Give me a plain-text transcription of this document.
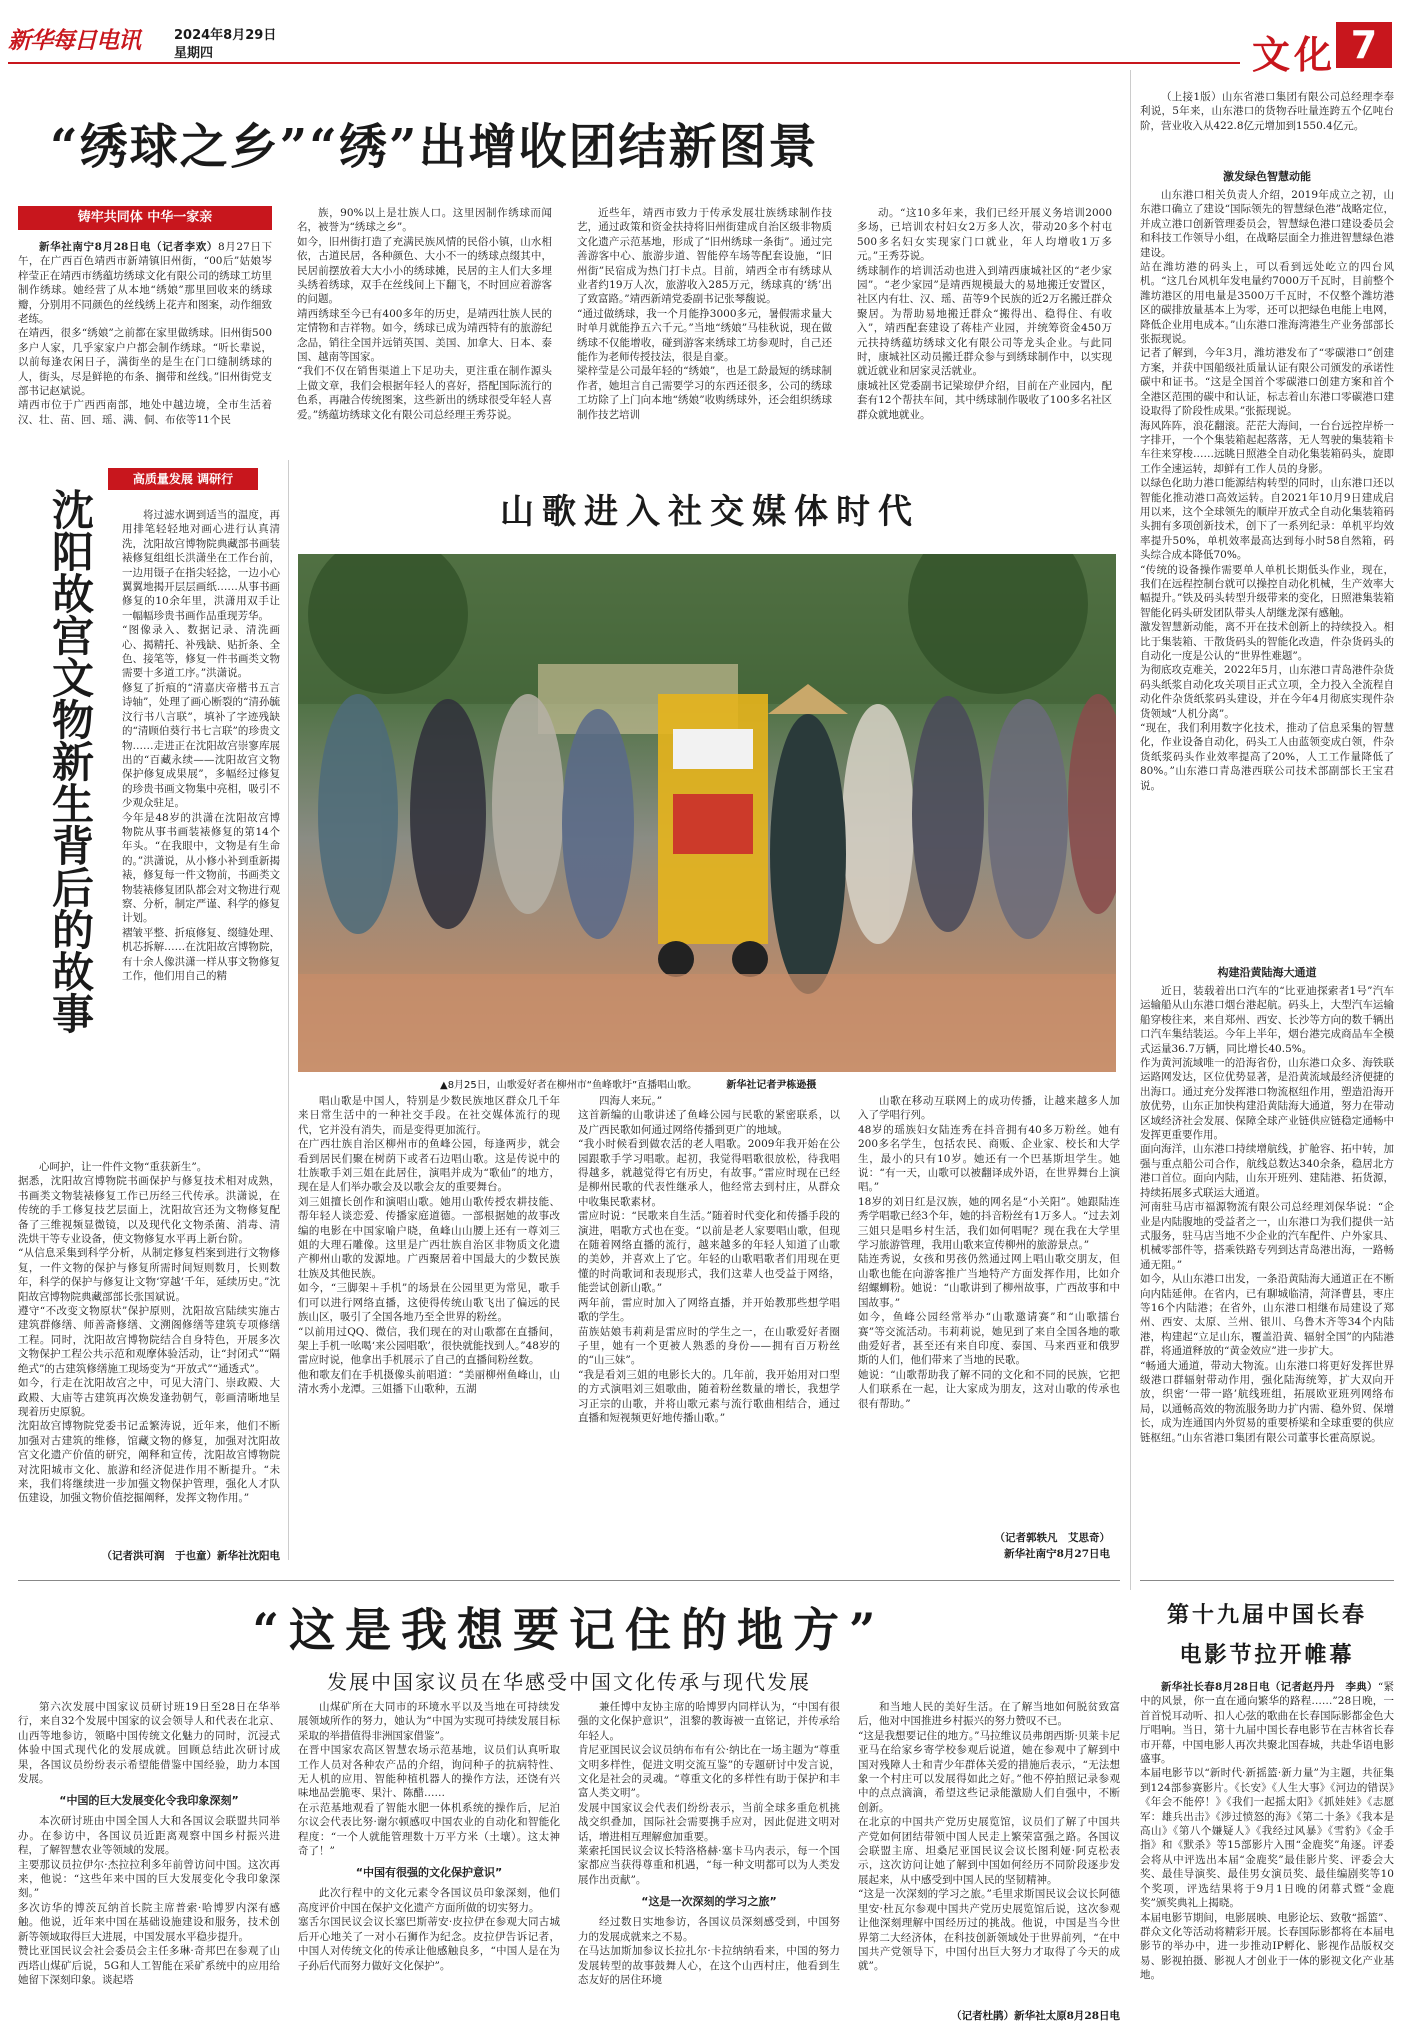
新华每日电讯	2024年8月29日
星期四	文化 7
“绣球之乡”“绣”出增收团结新图景
铸牢共同体 中华一家亲
新华社南宁8月28日电（记者李欢）8月27日下午，在广西百色靖西市新靖镇旧州街，“00后”姑娘岑梓莹正在靖西市绣蕴坊绣球文化有限公司的绣球工坊里制作绣球。她经营了从本地“绣娘”那里回收来的绣球瓣，分别用不同颜色的丝线绣上花卉和图案，动作细致老练。
在靖西，很多“绣娘”之前都在家里做绣球。旧州街500多户人家，几乎家家户户都会制作绣球。“听长辈说，以前每逢农闲日子，满街坐的是生在门口缝制绣球的人，街头，尽是鲜艳的布条、搁带和丝线。”旧州街党支部书记赵斌说。
靖西市位于广西西南部，地处中越边境，全市生活着汉、壮、苗、回、瑶、满、侗、布依等11个民
族，90%以上是壮族人口。这里因制作绣球而闻名，被誉为“绣球之乡”。
如今，旧州街打造了充满民族风情的民俗小镇，山水相依，古道民居，各种颜色、大小不一的绣球点缀其中，民居前摆放着大大小小的绣球摊，民居的主人们大多埋头绣着绣球，双手在丝线间上下翻飞，不时回应着游客的问题。
靖西绣球至今已有400多年的历史，是靖西壮族人民的定情物和吉祥物。如今，绣球已成为靖西特有的旅游纪念品，销往全国并远销英国、美国、加拿大、日本、泰国、越南等国家。
“我们不仅在销售渠道上下足功夫，更注重在制作源头上做文章，我们会根据年轻人的喜好，搭配国际流行的色系，再融合传统图案，这些新出的绣球很受年轻人喜爱。”绣蕴坊绣球文化有限公司总经理王秀芬说。
近些年，靖西市致力于传承发展壮族绣球制作技艺，通过政策和资金扶持将旧州街建成自治区级非物质文化遗产示范基地，形成了“旧州绣球一条街”。通过完善游客中心、旅游步道、智能停车场等配套设施，“旧州街”民宿成为热门打卡点。目前，靖西全市有绣球从业者约19万人次，旅游收入285万元，绣球真的‘绣’出了致富路。”靖西新靖党委副书记张琴馥说。
“通过做绣球，我一个月能挣3000多元，暑假需求量大时单月就能挣五六千元。”当地“绣娘”马桂秋说，现在做绣球不仅能增收，碰到游客来绣球工坊参观时，自己还能作为老师传授技法，很是自豪。
梁梓莹是公司最年轻的“绣娘”，也是工龄最短的绣球制作者，她坦言自己需要学习的东西还很多，公司的绣球工坊除了上门向本地“绣娘”收购绣球外，还会组织绣球制作技艺培训
动。“这10多年来，我们已经开展义务培训2000多场，已培训农村妇女2万多人次，带动20多个村屯500多名妇女实现家门口就业，年人均增收1万多元。”王秀芬说。
绣球制作的培训活动也进入到靖西康城社区的“老少家园”。“老少家园”是靖西规模最大的易地搬迁安置区，社区内有壮、汉、瑶、苗等9个民族的近2万名搬迁群众聚居。为帮助易地搬迁群众“搬得出、稳得住、有收入”，靖西配套建设了蒋桂产业园，并统筹资金450万元扶持绣蕴坊绣球文化有限公司等龙头企业。与此同时，康城社区动员搬迁群众参与到绣球制作中，以实现就近就业和居家灵活就业。
康城社区党委副书记梁琼伊介绍，目前在产业园内，配套有12个帮扶车间，其中绣球制作吸收了100多名社区群众就地就业。
高质量发展 调研行
沈阳故宫文物新生背后的故事	将过滤水调到适当的温度，再用排笔轻轻地对画心进行认真清洗，沈阳故宫博物院典藏部书画装裱修复组组长洪潇坐在工作台前，一边用镊子在指尖轻捻，一边小心翼翼地揭开层层画纸……从事书画修复的10余年里，洪潇用双手让一幅幅珍贵书画作品重现芳华。
“图像录入、数据记录、清洗画心、揭精托、补残缺、贴折条、全色、接笔等，修复一件书画类文物需要十多道工序。”洪潇说。
修复了折痕的“清嘉庆帝楷书五言诗轴”，处理了画心断裂的“清孙毓汶行书八言联”，填补了字迹残缺的“清顾伯葵行书七言联”的珍贵文物……走进正在沈阳故宫崇寥库展出的“百藏永续——沈阳故宫文物保护修复成果展”，多幅经过修复的珍贵书画文物集中亮相，吸引不少观众驻足。
今年是48岁的洪潇在沈阳故宫博物院从事书画装裱修复的第14个年头。“在我眼中，文物是有生命的。”洪潇说，从小修小补到重新揭裱，修复每一件文物前，书画类文物装裱修复团队都会对文物进行观察、分析，制定严谨、科学的修复计划。
褶皱平整、折痕修复、缀缝处理、机芯拆解……在沈阳故宫博物院，有十余人像洪潇一样从事文物修复工作，他们用自己的精
心呵护，让一件件文物“重获新生”。
据悉，沈阳故宫博物院书画保护与修复技术相对成熟，书画类文物装裱修复工作已历经三代传承。洪潇说，在传统的手工修复技艺层面上，沈阳故宫还为文物修复配备了三维视频显微镜，以及现代化文物杀菌、消毒、清洗烘干等专业设备，使文物修复水平再上新台阶。
“从信息采集到科学分析，从制定修复档案到进行文物修复，一件文物的保护与修复所需时间短则数月，长则数年，科学的保护与修复让文物‘穿越’千年，延续历史。”沈阳故宫博物院典藏部部长张国斌说。
遵守“不改变文物原状”保护原则，沈阳故宫陆续实施古建筑群修缮、师善斋修缮、文溯阁修缮等建筑专项修缮工程。同时，沈阳故宫博物院结合自身特色，开展多次文物保护工程公共示范和观摩体验活动，让“封闭式”“隔绝式”的古建筑修缮施工现场变为“开放式”“通透式”。
如今，行走在沈阳故宫之中，可见大清门、崇政殿、大政殿、大庙等古建筑再次焕发逢勃朝气，彰画清晰地呈现着历史原貌。
沈阳故宫博物院党委书记孟繁涛说，近年来，他们不断加强对古建筑的维修，馆藏文物的修复，加强对沈阳故宫文化遗产价值的研究，阐释和宣传，沈阳故宫博物院对沈阳城市文化、旅游和经济促进作用不断提升。“未来，我们将继续进一步加强文物保护管理，强化人才队伍建设，加强文物价值挖掘阐释，发挥文物作用。”
（记者洪可润　于也童）新华社沈阳电
山歌进入社交媒体时代
▲8月25日，山歌爱好者在柳州市“鱼峰歌圩”直播唱山歌。	新华社记者尹栋逊摄
唱山歌是中国人，特别是少数民族地区群众几千年来日常生活中的一种社交手段。在社交媒体流行的现代，它并没有消失，而是变得更加流行。
在广西壮族自治区柳州市的鱼峰公园，每逢两步，就会看到居民们聚在树荫下或者石边唱山歌。这是传说中的壮族歌手刘三姐在此居住，演唱并成为“歌仙”的地方，现在是人们举办歌会及以歌会友的重要舞台。
刘三姐擅长创作和演唱山歌。她用山歌传授农耕技能、帮年轻人谈恋爱、传播家庭道德。一部根据她的故事改编的电影在中国家喻户晓，鱼峰山山腰上还有一尊刘三姐的大理石雕像。这里是广西壮族自治区非物质文化遗产柳州山歌的发源地。广西聚居着中国最大的少数民族壮族及其他民族。
如今，“三脚架＋手机”的场景在公园里更为常见，歌手们可以进行网络直播，这使得传统山歌飞出了偏远的民族山区，吸引了全国各地乃至全世界的粉丝。
“以前用过QQ、微信，我们现在的对山歌都在直播间，架上手机一吆喝‘来公园唱歌’，很快就能找到人。”48岁的雷应时说，他拿出手机展示了自己的直播间粉丝数。
他和歌友们在手机摄像头前唱道：“美丽柳州鱼峰山，山清水秀小龙潭。三姐播下山歌种，五湖
四海人来玩。”
这首新编的山歌讲述了鱼峰公园与民歌的紧密联系，以及广西民歌如何通过网络传播到更广的地域。
“我小时候看到做农活的老人唱歌。2009年我开始在公园跟歌手学习唱歌。起初，我觉得唱歌很放松，待我唱得越多，就越觉得它有历史，有故事。”雷应时现在已经是柳州民歌的代表性继承人，他经常去到村庄，从群众中收集民歌素材。
雷应时说：“民歌来自生活。”随着时代变化和传播手段的演进，唱歌方式也在变。“以前是老人家要唱山歌，但现在随着网络直播的流行，越来越多的年轻人知道了山歌的美妙，并喜欢上了它。年轻的山歌唱歌者们用现在更懂的时尚歌词和表现形式，我们这辈人也受益于网络，能尝试创新山歌。”
两年前，雷应时加入了网络直播，并开始教那些想学唱歌的学生。
苗族姑娘韦莉莉是雷应时的学生之一，在山歌爱好者圈子里，她有一个更被人熟悉的身份——拥有百万粉丝的“山三妹”。
“我是看刘三姐的电影长大的。几年前，我开始用对口型的方式演唱刘三姐歌曲，随着粉丝数量的增长，我想学习正宗的山歌，并将山歌元素与流行歌曲相结合，通过直播和短视频更好地传播山歌。”
山歌在移动互联网上的成功传播，让越来越多人加入了学唱行列。
48岁的瑶族妇女陆连秀在抖音拥有40多万粉丝。她有200多名学生，包括农民、商贩、企业家、校长和大学生，最小的只有10岁。她还有一个巴基斯坦学生。她说：“有一天，山歌可以被翻译成外语，在世界舞台上演唱。”
18岁的刘日红是汉族，她的网名是“小关阳”。她跟陆连秀学唱歌已经3个年，她的抖音粉丝有1万多人。“过去刘三姐只是唱乡村生活，我们如何唱呢？现在我在大学里学习旅游管理，我用山歌来宣传柳州的旅游景点。”
陆连秀说，女孩和男孩仍然通过网上唱山歌交朋友，但山歌也能在向游客推广当地特产方面发挥作用，比如介绍螺蛳粉。她说：“山歌讲到了柳州故事，广西故事和中国故事。”
如今，鱼峰公园经常举办“山歌邀请赛”和“山歌擂台赛”等交流活动。韦莉莉说，她见到了来自全国各地的歌曲爱好者，甚至还有来自印度、泰国、马来西亚和俄罗斯的人们，他们带来了当地的民歌。
她说：“山歌帮助我了解不同的文化和不同的民族，它把人们联系在一起，让大家成为朋友，这对山歌的传承也很有帮助。”
（记者郭轶凡　艾思奇）
新华社南宁8月27日电
（上接1版）山东省港口集团有限公司总经理李奉利说，5年来，山东港口的货物吞吐量连跨五个亿吨台阶，营业收入从422.8亿元增加到1550.4亿元。
激发绿色智慧动能
山东港口相关负责人介绍，2019年成立之初，山东港口确立了建设“国际领先的智慧绿色港”战略定位，并成立港口创新管理委员会，智慧绿色港口建设委员会和科技工作领导小组，在战略层面全力推进智慧绿色港建设。
站在潍坊港的码头上，可以看到远处屹立的四台风机。“这几台风机年发电量约7000万千瓦时，目前整个潍坊港区的用电量是3500万千瓦时，不仅整个潍坊港区的碳排放量基本上为零，还可以把绿色电能上电网，降低企业用电成本。”山东港口淮海湾港生产业务部部长张振现说。
记者了解到，今年3月，潍坊港发布了“零碳港口”创建方案，并获中国船级社质量认证有限公司颁发的承诺性碳中和证书。“这是全国首个零碳港口创建方案和首个全港区范围的碳中和认证，标志着山东港口零碳港口建设取得了阶段性成果。”张振现说。
海风阵阵，浪花翻滚。茫茫大海间，一台台远控岸桥一字排开，一个个集装箱起起落落，无人驾驶的集装箱卡车往来穿梭……远眺日照港全自动化集装箱码头，旋即工作全速运转，却鲜有工作人员的身影。
以绿色化助力港口能源结构转型的同时，山东港口还以智能化推动港口高效运转。自2021年10月9日建成启用以来，这个全球领先的顺岸开放式全自动化集装箱码头拥有多项创新技术，创下了一系列纪录：单机平均效率提升50%，单机效率最高达到每小时58自然箱，码头综合成本降低70%。
“传统的设备操作需要单人单机长期低头作业，现在，我们在远程控制台就可以操控自动化机械，生产效率大幅提升。”铁及码头转型升级带来的变化，日照港集装箱智能化码头研发团队带头人胡继龙深有感触。
激发智慧新动能，离不开在技术创新上的持续投入。相比于集装箱、干散货码头的智能化改造，件杂货码头的自动化一度是公认的“世界性难题”。
为彻底攻克难关，2022年5月，山东港口青岛港件杂货码头纸浆自动化攻关项目正式立项，全力投入全流程自动化件杂货纸浆码头建设，并在今年4月彻底实现件杂货领域“人机分离”。
“现在，我们利用数字化技术，推动了信息采集的智慧化，作业设备自动化，码头工人由蓝领变成白领，件杂货纸浆码头作业效率提高了20%，人工工作量降低了80%。”山东港口青岛港西联公司技术部副部长王宝君说。
构建沿黄陆海大通道
近日，装载着出口汽车的“比亚迪探索者1号”汽车运输船从山东港口烟台港起航。码头上，大型汽车运输船穿梭往来，来自郑州、西安、长沙等方向的数千辆出口汽车集结装运。今年上半年，烟台港完成商品车全模式运量36.7万辆，同比增长40.5%。
作为黄河流域唯一的沿海省份，山东港口众多、海铁联运路网发达，区位优势显著，是沿黄流域最经济便捷的出海口。通过充分发挥港口物流枢纽作用，塑造沿海开放优势，山东正加快构建沿黄陆海大通道，努力在带动区域经济社会发展、保障全球产业链供应链稳定通畅中发挥更重要作用。
面向海洋，山东港口持续增航线，扩舱容、拓中转，加强与重点船公司合作，航线总数达340余条，稳居北方港口首位。面向内陆，山东开班列、建陆港、拓货源，持续拓展多式联运大通道。
河南驻马店市福源物流有限公司总经理刘保华说：“企业是内陆腹地的受益者之一，山东港口为我们提供一站式服务，驻马店当地不少企业的汽车配件、户外家具、机械零部件等，搭乘铁路专列到达青岛港出海，一路畅通无阻。”
如今，从山东港口出发，一条沿黄陆海大通道正在不断向内陆延伸。在省内，已有聊城临清，菏泽曹县，枣庄等16个内陆港；在省外，山东港口相继布局建设了郑州、西安、太原、兰州、银川、乌鲁木齐等34个内陆港，构建起“立足山东，覆盖沿黄、辐射全国”的内陆港群，将通道释放的“黄金效应”进一步扩大。
“畅通大通道，带动大物流。山东港口将更好发挥世界级港口群辐射带动作用，强化陆海统筹，扩大双向开放，织密‘一带一路’航线班组，拓展欧亚班列网络布局，以通畅高效的物流服务助力扩内需、稳外贸、保增长，成为连通国内外贸易的重要桥梁和全球重要的供应链枢纽。”山东省港口集团有限公司董事长霍高原说。
“这是我想要记住的地方”
发展中国家议员在华感受中国文化传承与现代发展
第六次发展中国家议员研讨班19日至28日在华举行，来自32个发展中国家的议会领导人和代表在北京、山西等地参访，领略中国传统文化魅力的同时，沉浸式体验中国式现代化的发展成就。回顾总结此次研讨成果，各国议员纷纷表示希望能借鉴中国经验，助力本国发展。
“中国的巨大发展变化令我印象深刻”
本次研讨班由中国全国人大和各国议会联盟共同举办。在参访中，各国议员近距离观察中国乡村振兴进程，了解智慧农业等领域的发展。
主要那议员拉伊尔·杰拉拉利多年前曾访问中国。这次再来，他说：“这些年来中国的巨大发展变化令我印象深刻。”
多次访华的博茨瓦纳首长院主席普索·哈博罗内深有感触。他说，近年来中国在基础设施建设和服务，技术创新等领域取得巨大进展，中国发展水平稳步提升。
赞比亚国民议会社会委员会主任多琳·奇邦巴在参观了山西塔山煤矿后说，5G和人工智能在采矿系统中的应用给她留下深刻印象。谈起塔
山煤矿所在大同市的环境水平以及当地在可持续发展领域所作的努力，她认为“中国为实现可持续发展目标采取的举措值得非洲国家借鉴”。
在晋中国家农高区智慧农场示范基地，议员们认真听取工作人员对各种农产品的介绍，询问种子的抗病特性、无人机的应用、智能种植机器人的操作方法，还饶有兴味地品尝脆枣、果汁、陈醋……
在示范基地观看了智能水肥一体机系统的操作后，尼泊尔议会代表比努·谢尔顿感叹中国农业的自动化和智能化程度：“一个人就能管理数十万平方米（土壤）。这太神奇了！”
“中国有很强的文化保护意识”
此次行程中的文化元素令各国议员印象深刻，他们高度评价中国在保护文化遗产方面所做的切实努力。
塞舌尔国民议会议长塞巴斯蒂安·皮拉伊在参观大同古城后开心地关了一对小石狮作为纪念。皮拉伊告诉记者，中国人对传统文化的传承让他感触良多，“中国人是在为子孙后代而努力做好文化保护”。
兼任博中友协主席的哈博罗内同样认为，“中国有很强的文化保护意识”，沮黎的教诲被一直铭记，并传承给年轻人。
肯尼亚国民议会议员纳布布有公·纳比在一场主题为“尊重文明多样性，促进文明交流互鉴”的专题研讨中发言说，文化是社会的灵魂。“尊重文化的多样性有助于保护和丰富人类文明”。
发展中国家议会代表们纷纷表示，当前全球多重危机挑战交织叠加，国际社会需要携手应对，因此促进文明对话，增进相互理解愈加重要。
莱索托国民议会议长特洛格赫·塞卡马内表示，每一个国家都应当获得尊重和机遇，“每一种文明都可以为人类发展作出贡献”。
“这是一次深刻的学习之旅”
经过数日实地参访，各国议员深刻感受到，中国努力的发展成就来之不易。
在马达加斯加参议长拉扎尔·卡拉纳纳看来，中国的努力发展转型的故事鼓舞人心，在这个山西村庄，他看到生态友好的居住环境
和当地人民的美好生活。在了解当地如何脱贫致富后，他对中国推进乡村振兴的努力赞叹不已。
“这是我想要记住的地方。”马拉维议员弗朗西斯·贝莱卡尼亚马在给家乡寄学校参观后说道，她在参观中了解到中国对残障人士和青少年群体关爱的措施后表示，“无法想象一个村庄可以发展得如此之好。”他不停拍照记录参观中的点点滴滴，希望这些记录能激励人们自强中，不断创新。
在北京的中国共产党历史展览馆，议员们了解了中国共产党如何团结带领中国人民走上繁荣富强之路。各国议会联盟主席、坦桑尼亚国民议会议长图利娅·阿克松表示，这次访问让她了解到中国如何经历不同阶段逐步发展起来，从中感受到中国人民的坚韧精神。
“这是一次深刻的学习之旅。”毛里求斯国民议会议长阿德里安·杜瓦尔参观中国共产党历史展览馆后说，这次参观让他深刻理解中国经历过的挑战。他说，中国是当今世界第二大经济体，在科技创新领域处于世界前列，“在中国共产党领导下，中国付出巨大努力才取得了今天的成就”。
（记者杜鹃）新华社太原8月28日电
第十九届中国长春
电影节拉开帷幕
新华社长春8月28日电（记者赵丹丹　李典）“紧中的风景，你一直在通向繁华的路程……”28日晚，一首首悦耳动听、扣人心弦的歌曲在长春国际影都金色大厅唱响。当日，第十九届中国长春电影节在吉林省长春市开幕，中国电影人再次共聚北国春城，共赴华语电影盛事。
本届电影节以“新时代·新摇篮·新力量”为主题，共征集到124部参赛影片。《长安》《人生大事》《河边的错误》《年会不能停！》《我们一起摇太阳》《抓娃娃》《志愿军：雄兵出击》《涉过愤怒的海》《第二十条》《我本是高山》《第八个嫌疑人》《我经过风暴》《雪豹》《金手指》和《默杀》等15部影片入围“金鹿奖”角逐。评委会将从中评选出本届“金鹿奖”最佳影片奖、评委会大奖、最佳导演奖、最佳男女演员奖、最佳编剧奖等10个奖项，评选结果将于9月1日晚的闭幕式暨“金鹿奖”颁奖典礼上揭晓。
本届电影节期间，电影展映、电影论坛、致敬“摇篮”、群众文化等活动将精彩开展。长春国际影都将在本届电影节的举办中，进一步推动IP孵化、影视作品版权交易、影视拍摄、影视人才创业于一体的影视文化产业基地。
